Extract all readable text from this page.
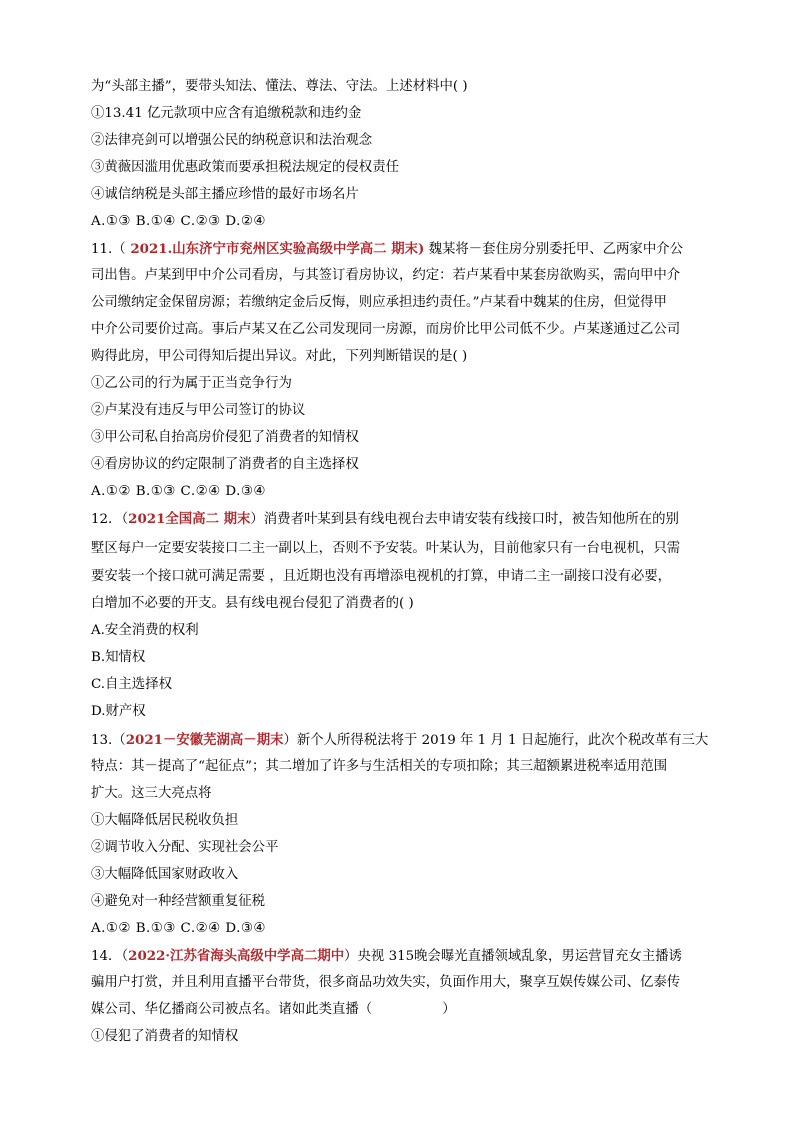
为“头部主播”，要带头知法、懂法、尊法、守法。上述材料中( )
①13.41 亿元款项中应含有追缴税款和违约金
②法律亮剑可以增强公民的纳税意识和法治观念
③黄薇因滥用优惠政策而要承担税法规定的侵权责任
④诚信纳税是头部主播应珍惜的最好市场名片
A.①③ B.①④ C.②③ D.②④
11.（ 2021.山东济宁市兖州区实验高级中学高二 期末) 魏某将－套住房分别委托甲、乙两家中介公
司出售。卢某到甲中介公司看房，与其签订看房协议，约定：若卢某看中某套房欲购买，需向甲中介
公司缴纳定金保留房源；若缴纳定金后反悔，则应承担违约责任。”卢某看中魏某的住房，但觉得甲
中介公司要价过高。事后卢某又在乙公司发现同一房源，而房价比甲公司低不少。卢某遂通过乙公司
购得此房，甲公司得知后提出异议。对此，下列判断错误的是( )
①乙公司的行为属于正当竞争行为
②卢某没有违反与甲公司签订的协议
③甲公司私自抬高房价侵犯了消费者的知情权
④看房协议的约定限制了消费者的自主选择权
A.①② B.①③ C.②④ D.③④
12．（2021全国高二 期末）消费者叶某到县有线电视台去申请安装有线接口时，被告知他所在的别
墅区每户一定要安装接口二主一副以上，否则不予安装。叶某认为，目前他家只有一台电视机，只需
要安装一个接口就可满足需要 ，且近期也没有再增添电视机的打算，申请二主一副接口没有必要，
白增加不必要的开支。县有线电视台侵犯了消费者的( )
A.安全消费的权利
B.知情权
C.自主选择权
D.财产权
13.（2021－安徽芜湖高－期末）新个人所得税法将于 2019 年 1 月 1 日起施行，此次个税改革有三大
特点：其－提高了“起征点”；其二增加了许多与生活相关的专项扣除；其三超额累进税率适用范围
扩大。这三大亮点将
①大幅降低居民税收负担
②调节收入分配、实现社会公平
③大幅降低国家财政收入
④避免对一种经营额重复征税
A.①② B.①③ C.②④ D.③④
14．（2022·江苏省海头高级中学高二期中）央视 315晚会曝光直播领域乱象，男运营冒充女主播诱
骗用户打赏，并且利用直播平台带货，很多商品功效失实，负面作用大，聚享互娱传媒公司、亿泰传
媒公司、华亿播商公司被点名。诸如此类直播（	）
①侵犯了消费者的知情权
